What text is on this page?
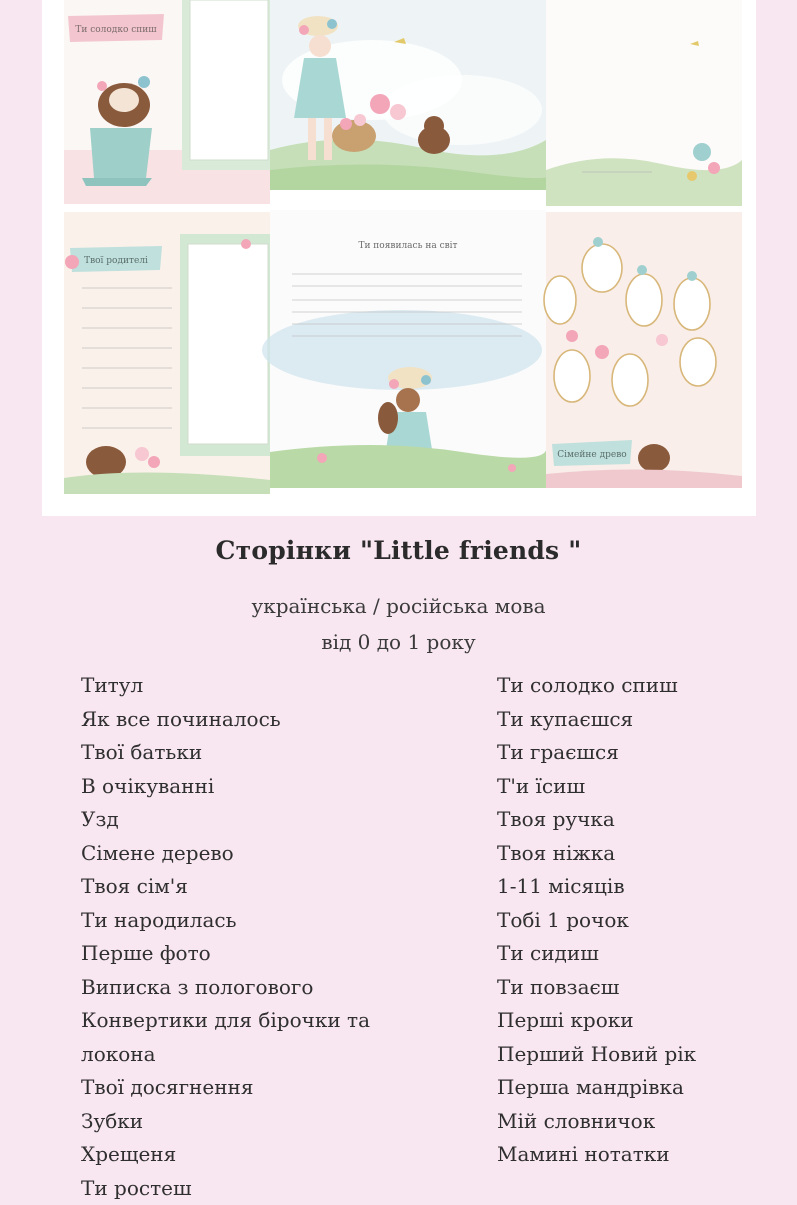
Ти солодко спиш
Твої родителі
Ти появилась на світ
Сімейне древо
Сторінки "Little friends "
українська / російська мова
від 0 до 1 року
Титул
Як все починалось
Твої батьки
В очікуванні
Узд
Сімене дерево
Твоя сім'я
Ти народилась
Перше фото
Виписка з пологового
Конвертики для бірочки та
локона
Твої досягнення
Зубки
Хрещеня
Ти ростеш
Ти солодко спиш
Ти купаєшся
Ти граєшся
Т'и їсиш
Твоя ручка
Твоя ніжка
1-11 місяців
Тобі 1 рочок
Ти сидиш
Ти повзаєш
Перші кроки
Перший Новий рік
Перша мандрівка
Мій словничок
Мамині нотатки
